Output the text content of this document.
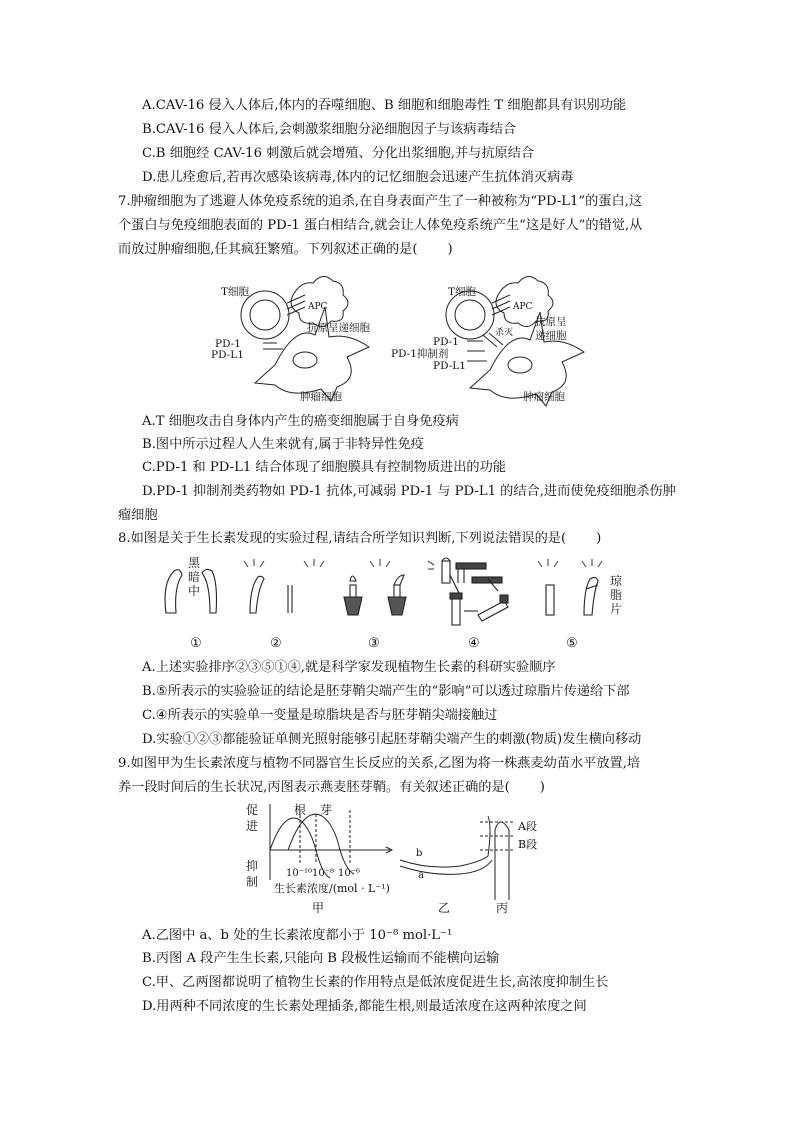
A.CAV-16 侵入人体后,体内的吞噬细胞、B 细胞和细胞毒性 T 细胞都具有识别功能
B.CAV-16 侵入人体后,会刺激浆细胞分泌细胞因子与该病毒结合
C.B 细胞经 CAV-16 刺激后就会增殖、分化出浆细胞,并与抗原结合
D.患儿痊愈后,若再次感染该病毒,体内的记忆细胞会迅速产生抗体消灭病毒
7.肿瘤细胞为了逃避人体免疫系统的追杀,在自身表面产生了一种被称为“PD-L1”的蛋白,这
个蛋白与免疫细胞表面的 PD-1 蛋白相结合,就会让人体免疫系统产生“这是好人”的错觉,从
而放过肿瘤细胞,任其疯狂繁殖。下列叙述正确的是( )
T细胞
APC
抗原呈递细胞
PD-1
PD-L1
肿瘤细胞
T细胞
APC
抗原呈
递细胞
杀灭
PD-1
PD-1抑制剂
PD-L1
肿瘤细胞
A.T 细胞攻击自身体内产生的癌变细胞属于自身免疫病
B.图中所示过程人人生来就有,属于非特异性免疫
C.PD-1 和 PD-L1 结合体现了细胞膜具有控制物质进出的功能
D.PD-1 抑制剂类药物如 PD-1 抗体,可减弱 PD-1 与 PD-L1 的结合,进而使免疫细胞杀伤肿
瘤细胞
8.如图是关于生长素发现的实验过程,请结合所学知识判断,下列说法错误的是( )
黑暗中
琼脂片
①	②	③	④	⑤
A.上述实验排序②③⑤①④,就是科学家发现植物生长素的科研实验顺序
B.⑤所表示的实验验证的结论是胚芽鞘尖端产生的“影响”可以透过琼脂片传递给下部
C.④所表示的实验单一变量是琼脂块是否与胚芽鞘尖端接触过
D.实验①②③都能验证单侧光照射能够引起胚芽鞘尖端产生的刺激(物质)发生横向移动
9.如图甲为生长素浓度与植物不同器官生长反应的关系,乙图为将一株燕麦幼苗水平放置,培
养一段时间后的生长状况,丙图表示燕麦胚芽鞘。有关叙述正确的是( )
促
进
抑
制
根 芽
10⁻¹⁰ 10⁻⁸ 10⁻⁶
生长素浓度/(mol · L⁻¹)
甲	乙	丙
b
a
A段
B段
A.乙图中 a、b 处的生长素浓度都小于 10⁻⁸ mol·L⁻¹
B.丙图 A 段产生生长素,只能向 B 段极性运输而不能横向运输
C.甲、乙两图都说明了植物生长素的作用特点是低浓度促进生长,高浓度抑制生长
D.用两种不同浓度的生长素处理插条,都能生根,则最适浓度在这两种浓度之间
